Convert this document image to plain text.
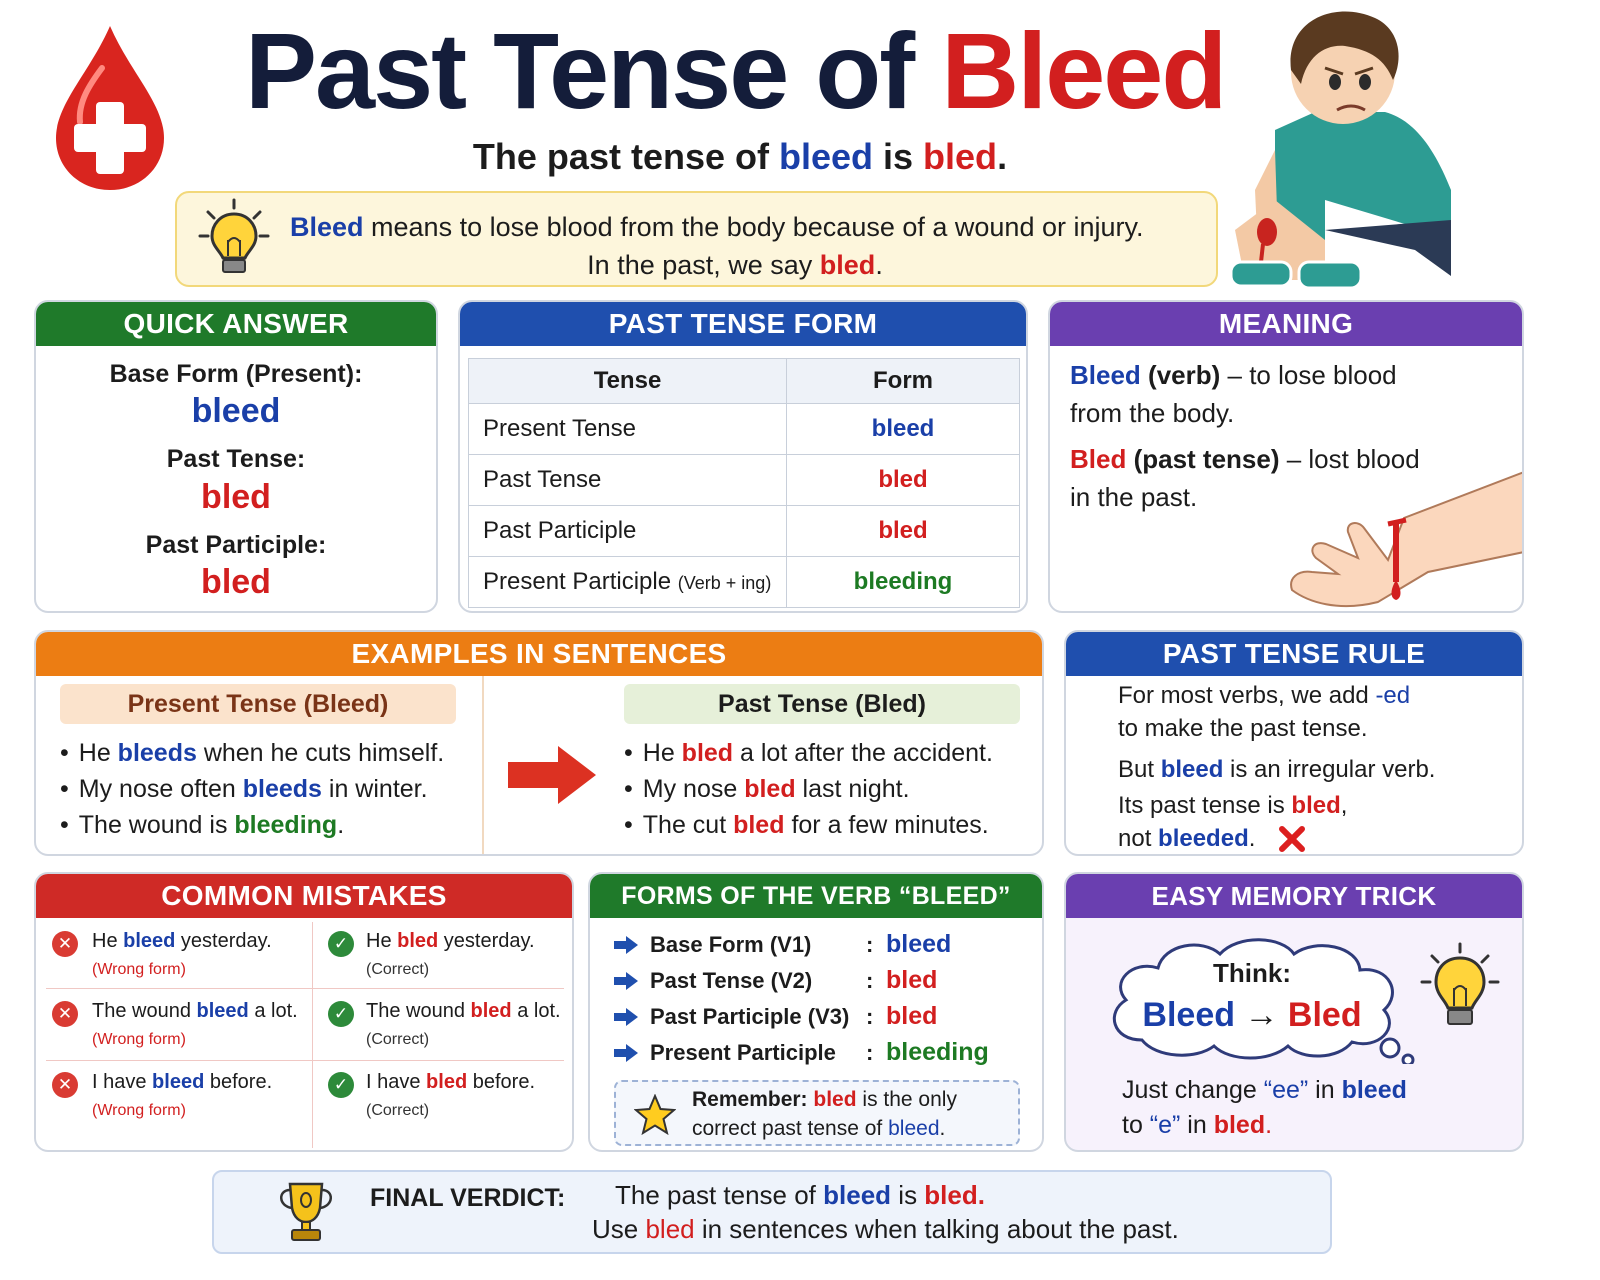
Past Tense of Bleed
The past tense of bleed is bled.
Bleed means to lose blood from the body because of a wound or injury.
In the past, we say bled.
QUICK ANSWER
Base Form (Present):
bleed
Past Tense:
bled
Past Participle:
bled
PAST TENSE FORM
Tense	Form
Present Tense	bleed
Past Tense	bled
Past Participle	bled
Present Participle (Verb + ing)	bleeding
MEANING
Bleed (verb) – to lose blood
from the body.
Bled (past tense) – lost blood
in the past.
EXAMPLES IN SENTENCES
Present Tense (Bleed)
• He bleeds when he cuts himself.
• My nose often bleeds in winter.
• The wound is bleeding.
Past Tense (Bled)
• He bled a lot after the accident.
• My nose bled last night.
• The cut bled for a few minutes.
PAST TENSE RULE
For most verbs, we add -ed
to make the past tense.
But bleed is an irregular verb.
Its past tense is bled,
not bleeded.
COMMON MISTAKES
✕ He bleed yesterday.
(Wrong form)
✓ He bled yesterday.
(Correct)
✕ The wound bleed a lot.
(Wrong form)
✓ The wound bled a lot.
(Correct)
✕ I have bleed before.
(Wrong form)
✓ I have bled before.
(Correct)
FORMS OF THE VERB “BLEED”
Base Form (V1) : bleed
Past Tense (V2) : bled
Past Participle (V3) : bled
Present Participle : bleeding
Remember: bled is the only
correct past tense of bleed.
EASY MEMORY TRICK
Think:
Bleed → Bled
Just change “ee” in bleed
to “e” in bled.
FINAL VERDICT: The past tense of bleed is bled.
Use bled in sentences when talking about the past.
